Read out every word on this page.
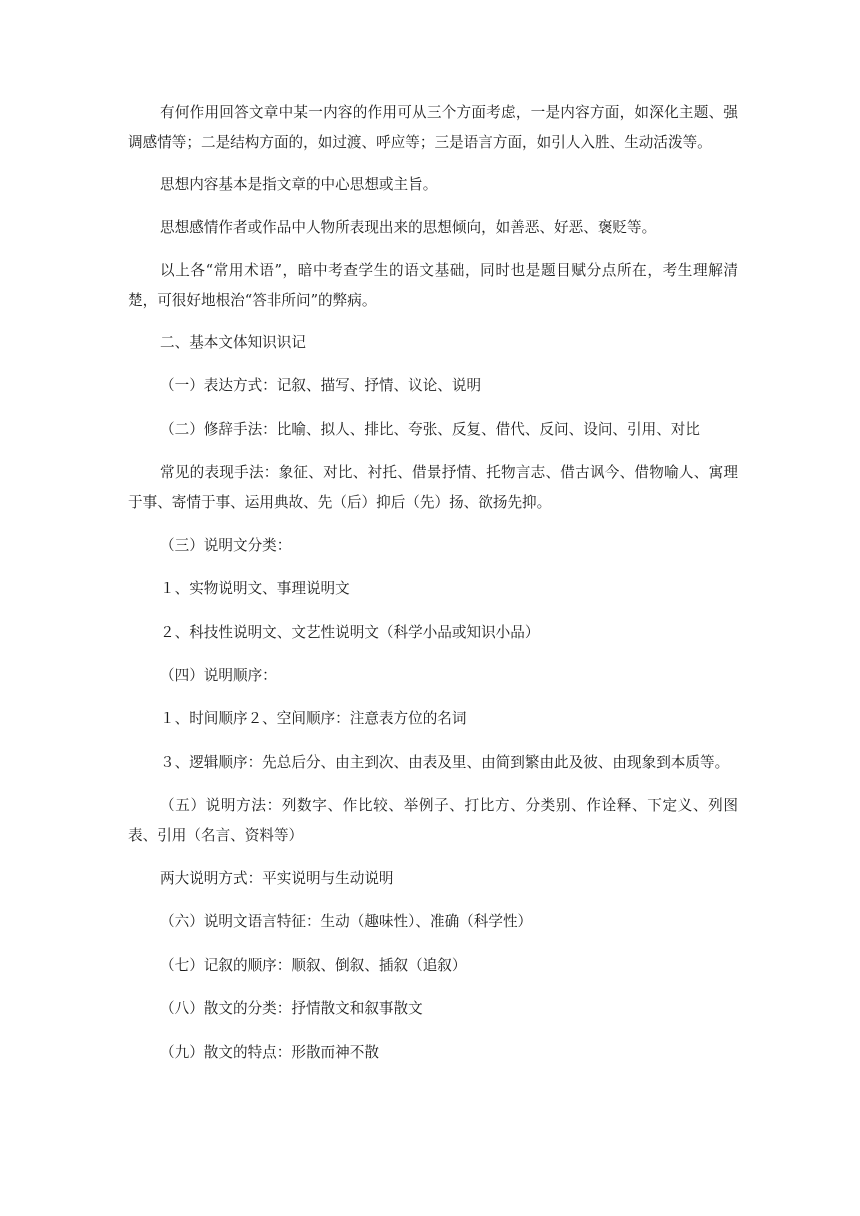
有何作用回答文章中某一内容的作用可从三个方面考虑，一是内容方面，如深化主题、强调感情等；二是结构方面的，如过渡、呼应等；三是语言方面，如引人入胜、生动活泼等。

思想内容基本是指文章的中心思想或主旨。

思想感情作者或作品中人物所表现出来的思想倾向，如善恶、好恶、褒贬等。

以上各“常用术语”，暗中考查学生的语文基础，同时也是题目赋分点所在，考生理解清楚，可很好地根治“答非所问”的弊病。

二、基本文体知识识记

（一）表达方式：记叙、描写、抒情、议论、说明

（二）修辞手法：比喻、拟人、排比、夸张、反复、借代、反问、设问、引用、对比

常见的表现手法：象征、对比、衬托、借景抒情、托物言志、借古讽今、借物喻人、寓理于事、寄情于事、运用典故、先（后）抑后（先）扬、欲扬先抑。

（三）说明文分类：

１、实物说明文、事理说明文

２、科技性说明文、文艺性说明文（科学小品或知识小品）

（四）说明顺序：

１、时间顺序２、空间顺序：注意表方位的名词

３、逻辑顺序：先总后分、由主到次、由表及里、由简到繁由此及彼、由现象到本质等。

（五）说明方法：列数字、作比较、举例子、打比方、分类别、作诠释、下定义、列图表、引用（名言、资料等）

两大说明方式：平实说明与生动说明

（六）说明文语言特征：生动（趣味性）、准确（科学性）

（七）记叙的顺序：顺叙、倒叙、插叙（追叙）

（八）散文的分类：抒情散文和叙事散文

（九）散文的特点：形散而神不散
